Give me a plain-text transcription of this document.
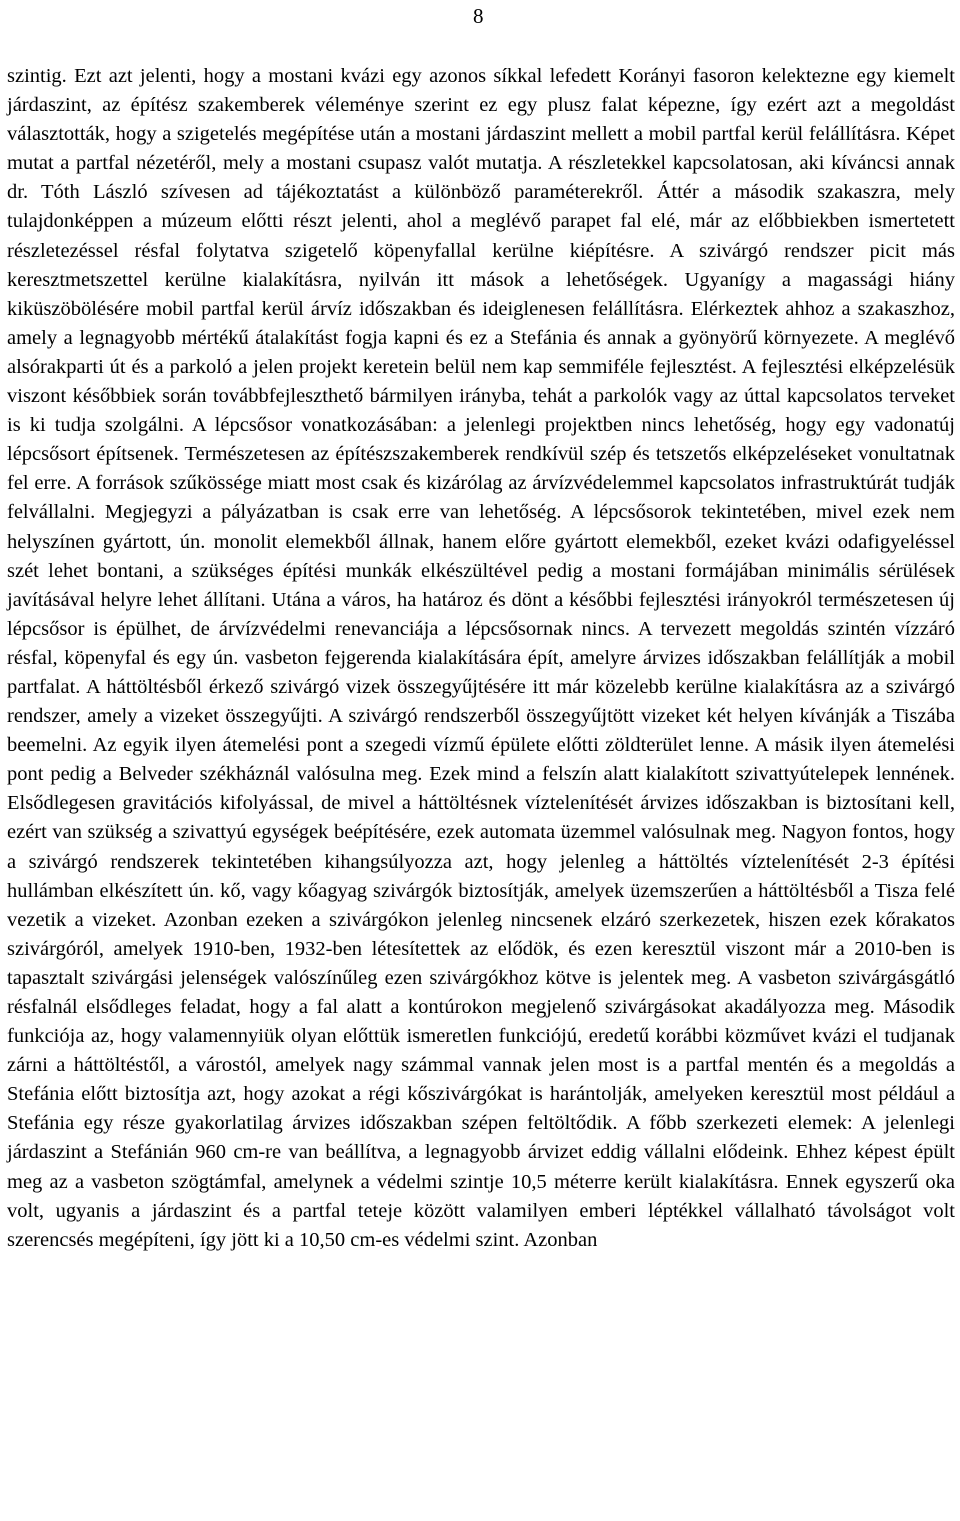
8

szintig. Ezt azt jelenti, hogy a mostani kvázi egy azonos síkkal lefedett Korányi fasoron kelektezne egy kiemelt járdaszint, az építész szakemberek véleménye szerint ez egy plusz falat képezne, így ezért azt a megoldást választották, hogy a szigetelés megépítése után a mostani járdaszint mellett a mobil partfal kerül felállításra. Képet mutat a partfal nézetéről, mely a mostani csupasz valót mutatja. A részletekkel kapcsolatosan, aki kíváncsi annak dr. Tóth László szívesen ad tájékoztatást a különböző paraméterekről. Áttér a második szakaszra, mely tulajdonképpen a múzeum előtti részt jelenti, ahol a meglévő parapet fal elé, már az előbbiekben ismertetett részletezéssel résfal folytatva szigetelő köpenyfallal kerülne kiépítésre. A szivárgó rendszer picit más keresztmetszettel kerülne kialakításra, nyilván itt mások a lehetőségek. Ugyanígy a magassági hiány kiküszöbölésére mobil partfal kerül árvíz időszakban és ideiglenesen felállításra. Elérkeztek ahhoz a szakaszhoz, amely a legnagyobb mértékű átalakítást fogja kapni és ez a Stefánia és annak a gyönyörű környezete. A meglévő alsórakparti út és a parkoló a jelen projekt keretein belül nem kap semmiféle fejlesztést. A fejlesztési elképzelésük viszont későbbiek során továbbfejleszthető bármilyen irányba, tehát a parkolók vagy az úttal kapcsolatos terveket is ki tudja szolgálni. A lépcsősor vonatkozásában: a jelenlegi projektben nincs lehetőség, hogy egy vadonatúj lépcsősort építsenek. Természetesen az építészszakemberek rendkívül szép és tetszetős elképzeléseket vonultatnak fel erre. A források szűkössége miatt most csak és kizárólag az árvízvédelemmel kapcsolatos infrastruktúrát tudják felvállalni. Megjegyzi a pályázatban is csak erre van lehetőség. A lépcsősorok tekintetében, mivel ezek nem helyszínen gyártott, ún. monolit elemekből állnak, hanem előre gyártott elemekből, ezeket kvázi odafigyeléssel szét lehet bontani, a szükséges építési munkák elkészültével pedig a mostani formájában minimális sérülések javításával helyre lehet állítani. Utána a város, ha határoz és dönt a későbbi fejlesztési irányokról természetesen új lépcsősor is épülhet, de árvízvédelmi renevanciája a lépcsősornak nincs. A tervezett megoldás szintén vízzáró résfal, köpenyfal és egy ún. vasbeton fejgerenda kialakítására épít, amelyre árvizes időszakban felállítják a mobil partfalat. A háttöltésből érkező szivárgó vizek összegyűjtésére itt már közelebb kerülne kialakításra az a szivárgó rendszer, amely a vizeket összegyűjti. A szivárgó rendszerből összegyűjtött vizeket két helyen kívánják a Tiszába beemelni. Az egyik ilyen átemelési pont a szegedi vízmű épülete előtti zöldterület lenne. A másik ilyen átemelési pont pedig a Belveder székháznál valósulna meg. Ezek mind a felszín alatt kialakított szivattyútelepek lennének. Elsődlegesen gravitációs kifolyással, de mivel a háttöltésnek víztelenítését árvizes időszakban is biztosítani kell, ezért van szükség a szivattyú egységek beépítésére, ezek automata üzemmel valósulnak meg. Nagyon fontos, hogy a szivárgó rendszerek tekintetében kihangsúlyozza azt, hogy jelenleg a háttöltés víztelenítését 2-3 építési hullámban elkészített ún. kő, vagy kőagyag szivárgók biztosítják, amelyek üzemszerűen a háttöltésből a Tisza felé vezetik a vizeket. Azonban ezeken a szivárgókon jelenleg nincsenek elzáró szerkezetek, hiszen ezek kőrakatos szivárgóról, amelyek 1910-ben, 1932-ben létesítettek az elődök, és ezen keresztül viszont már a 2010-ben is tapasztalt szivárgási jelenségek valószínűleg ezen szivárgókhoz kötve is jelentek meg. A vasbeton szivárgásgátló résfalnál elsődleges feladat, hogy a fal alatt a kontúrokon megjelenő szivárgásokat akadályozza meg. Második funkciója az, hogy valamennyiük olyan előttük ismeretlen funkciójú, eredetű korábbi közművet kvázi el tudjanak zárni a háttöltéstől, a várostól, amelyek nagy számmal vannak jelen most is a partfal mentén és a megoldás a Stefánia előtt biztosítja azt, hogy azokat a régi kőszivárgókat is harántolják, amelyeken keresztül most például a Stefánia egy része gyakorlatilag árvizes időszakban szépen feltöltődik. A főbb szerkezeti elemek: A jelenlegi járdaszint a Stefánián 960 cm-re van beállítva, a legnagyobb árvizet eddig vállalni elődeink. Ehhez képest épült meg az a vasbeton szögtámfal, amelynek a védelmi szintje 10,5 méterre került kialakításra. Ennek egyszerű oka volt, ugyanis a járdaszint és a partfal teteje között valamilyen emberi léptékkel vállalható távolságot volt szerencsés megépíteni, így jött ki a 10,50 cm-es védelmi szint. Azonban
